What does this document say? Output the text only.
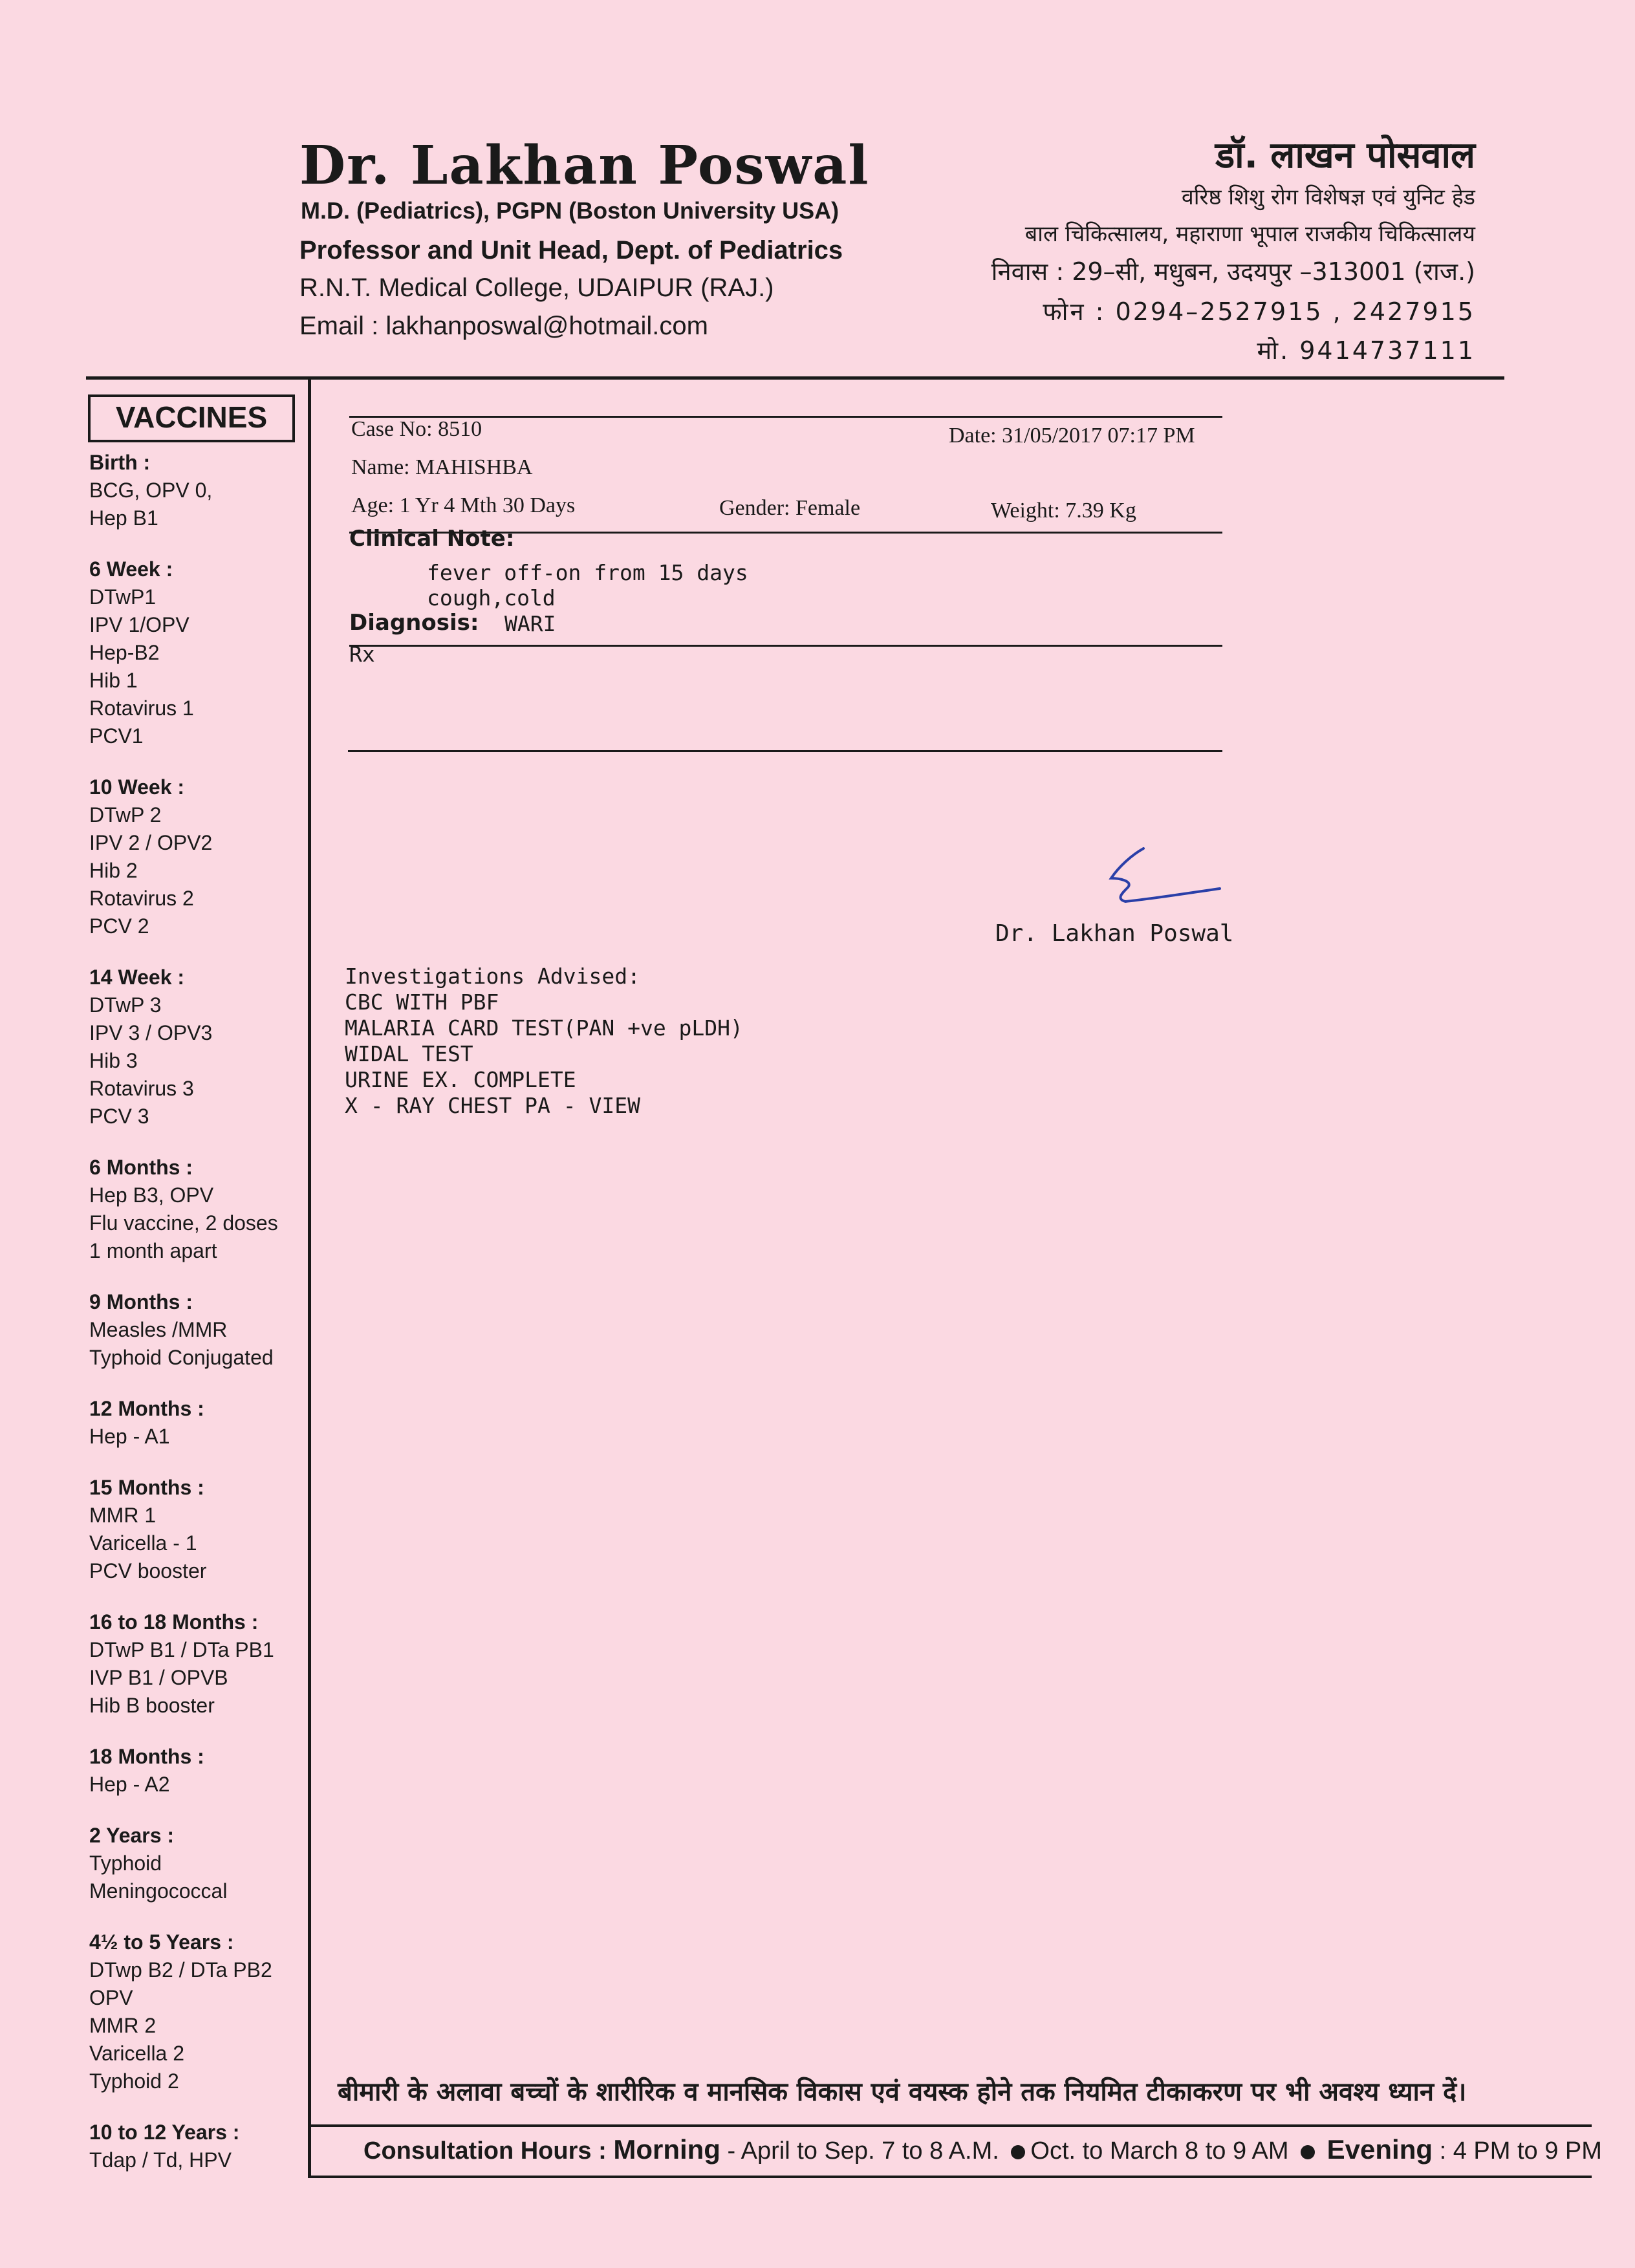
Dr. Lakhan Poswal
M.D. (Pediatrics), PGPN (Boston University USA)
Professor and Unit Head, Dept. of Pediatrics
R.N.T. Medical College, UDAIPUR (RAJ.)
Email : lakhanposwal@hotmail.com
डॉ. लाखन पोसवाल
वरिष्ठ शिशु रोग विशेषज्ञ एवं युनिट हेड
बाल चिकित्सालय, महाराणा भूपाल राजकीय चिकित्सालय
निवास : 29–सी, मधुबन, उदयपुर –313001 (राज.)
फोन : 0294–2527915 , 2427915
मो. 9414737111
VACCINES
Birth :
BCG, OPV 0,
Hep B1
6 Week :
DTwP1
IPV 1/OPV
Hep-B2
Hib 1
Rotavirus 1
PCV1
10 Week :
DTwP 2
IPV 2 / OPV2
Hib 2
Rotavirus 2
PCV 2
14 Week :
DTwP 3
IPV 3 / OPV3
Hib 3
Rotavirus 3
PCV 3
6 Months :
Hep B3, OPV
Flu vaccine, 2 doses
1 month apart
9 Months :
Measles /MMR
Typhoid Conjugated
12 Months :
Hep - A1
15 Months :
MMR 1
Varicella - 1
PCV booster
16 to 18 Months :
DTwP B1 / DTa PB1
IVP B1 / OPVB
Hib B booster
18 Months :
Hep - A2
2 Years :
Typhoid
Meningococcal
4½ to 5 Years :
DTwp B2 / DTa PB2
OPV
MMR 2
Varicella 2
Typhoid 2
10 to 12 Years :
Tdap / Td, HPV
Case No: 8510	Date: 31/05/2017 07:17 PM
Name: MAHISHBA
Age: 1 Yr 4 Mth 30 Days	Gender: Female	Weight: 7.39 Kg
Clinical Note:
fever off-on from 15 days
cough,cold
Diagnosis: WARI
Rx
Dr. Lakhan Poswal
Investigations Advised:
CBC WITH PBF
MALARIA CARD TEST(PAN +ve pLDH)
WIDAL TEST
URINE EX. COMPLETE
X - RAY CHEST PA - VIEW
बीमारी के अलावा बच्चों के शारीरिक व मानसिक विकास एवं वयस्क होने तक नियमित टीकाकरण पर भी अवश्य ध्यान दें।
Consultation Hours : Morning - April to Sep. 7 to 8 A.M. Oct. to March 8 to 9 AM  Evening : 4 PM to 9 PM
